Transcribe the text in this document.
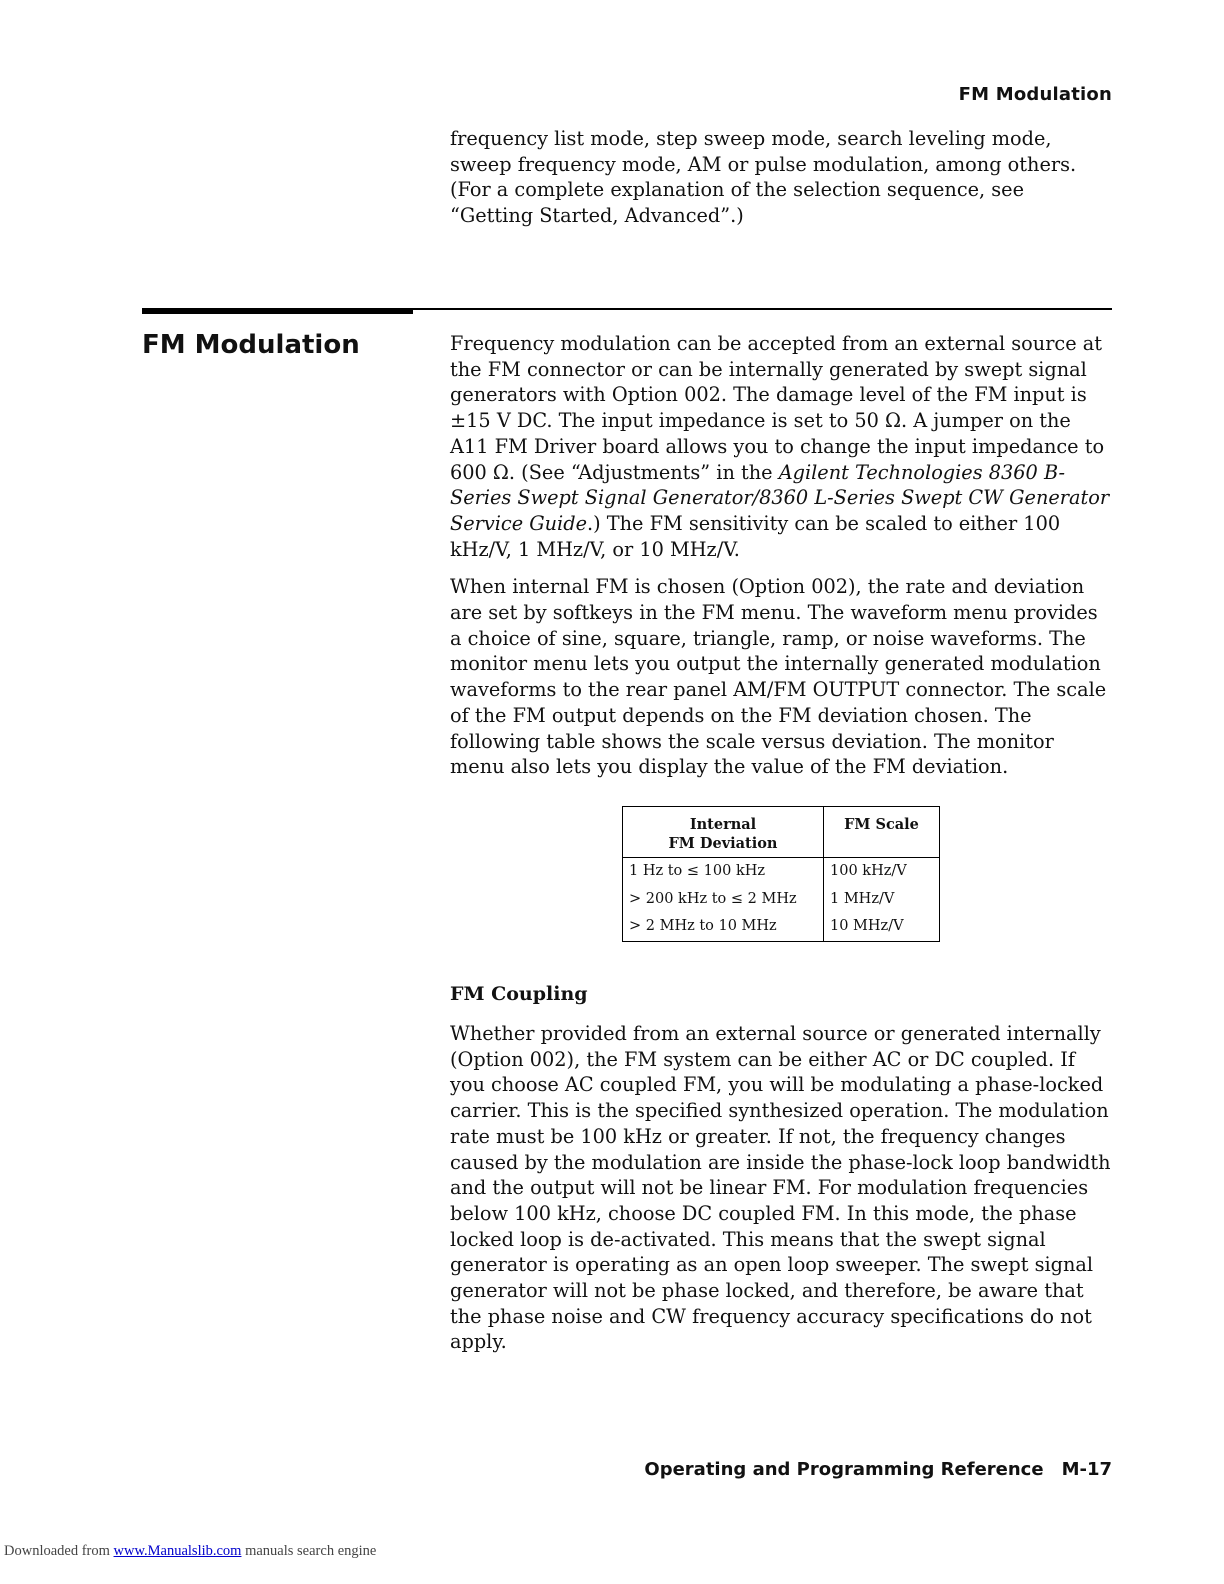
FM Modulation

frequency list mode, step sweep mode, search leveling mode, sweep frequency mode, AM or pulse modulation, among others. (For a complete explanation of the selection sequence, see “Getting Started, Advanced”.)

FM Modulation	Frequency modulation can be accepted from an external source at the FM connector or can be internally generated by swept signal generators with Option 002. The damage level of the FM input is ±15 V DC. The input impedance is set to 50 Ω. A jumper on the A11 FM Driver board allows you to change the input impedance to 600 Ω. (See “Adjustments” in the Agilent Technologies 8360 B-Series Swept Signal Generator/8360 L-Series Swept CW Generator Service Guide.) The FM sensitivity can be scaled to either 100 kHz/V, 1 MHz/V, or 10 MHz/V.

When internal FM is chosen (Option 002), the rate and deviation are set by softkeys in the FM menu. The waveform menu provides a choice of sine, square, triangle, ramp, or noise waveforms. The monitor menu lets you output the internally generated modulation waveforms to the rear panel AM/FM OUTPUT connector. The scale of the FM output depends on the FM deviation chosen. The following table shows the scale versus deviation. The monitor menu also lets you display the value of the FM deviation.

Internal
FM Deviation	FM Scale
1 Hz to ≤ 100 kHz	100 kHz/V
> 200 kHz to ≤ 2 MHz	1 MHz/V
> 2 MHz to 10 MHz	10 MHz/V
FM Coupling

Whether provided from an external source or generated internally (Option 002), the FM system can be either AC or DC coupled. If you choose AC coupled FM, you will be modulating a phase-locked carrier. This is the specified synthesized operation. The modulation rate must be 100 kHz or greater. If not, the frequency changes caused by the modulation are inside the phase-lock loop bandwidth and the output will not be linear FM. For modulation frequencies below 100 kHz, choose DC coupled FM. In this mode, the phase locked loop is de-activated. This means that the swept signal generator is operating as an open loop sweeper. The swept signal generator will not be phase locked, and therefore, be aware that the phase noise and CW frequency accuracy specifications do not apply.

Operating and Programming Reference M-17
Downloaded from www.Manualslib.com manuals search engine
